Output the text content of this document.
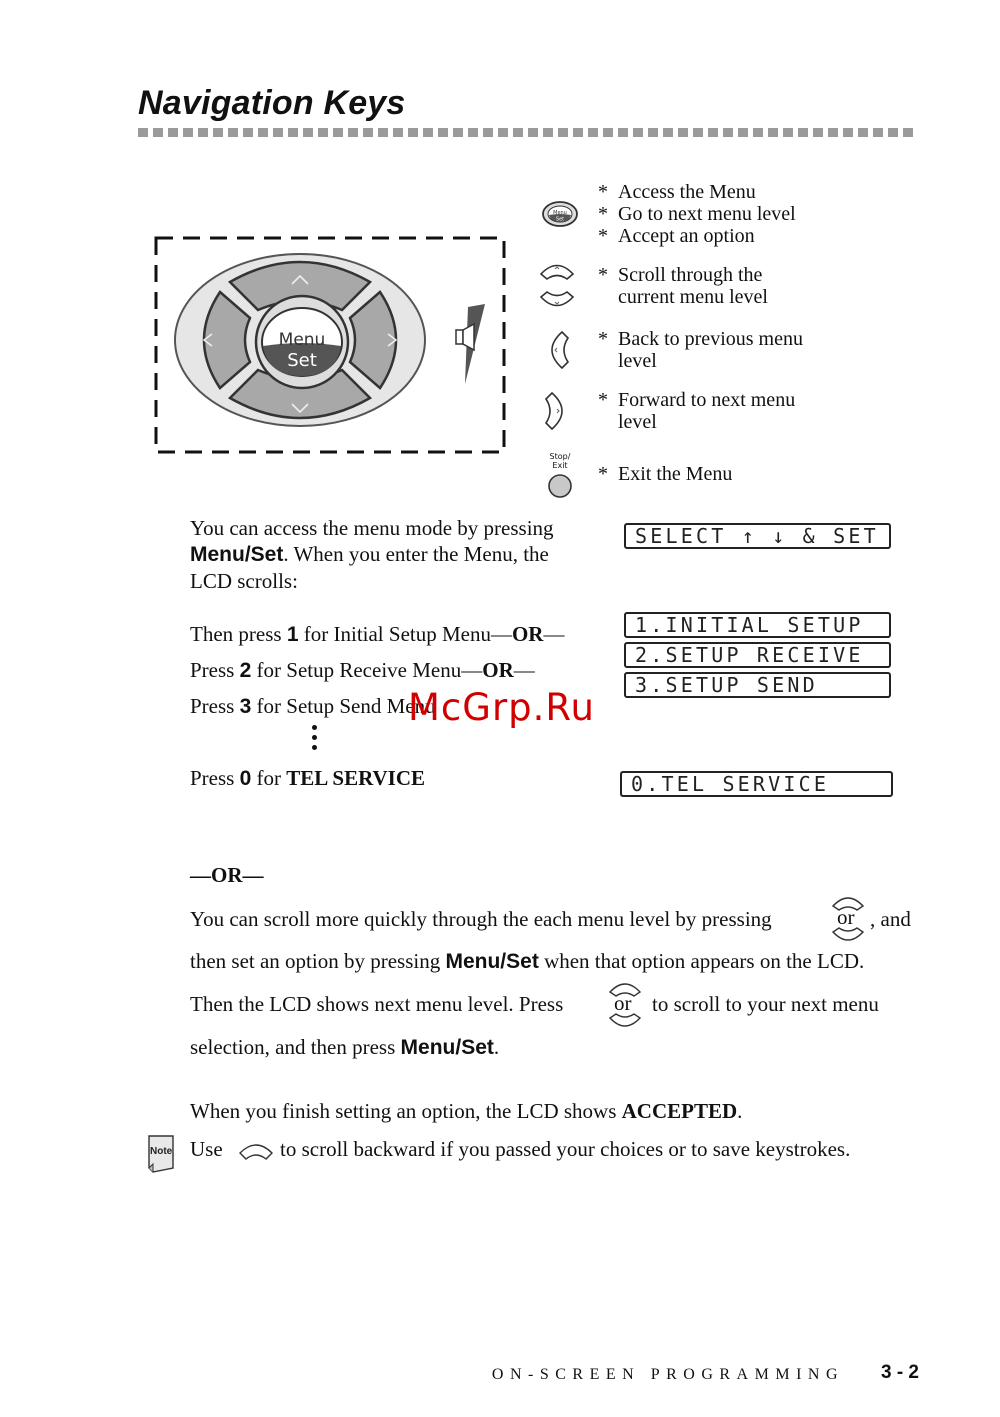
Navigation Keys
Menu
Set
Menu
Set
Stop/
Exit
* Access the Menu
* Go to next menu level
* Accept an option
* Scroll through the
current menu level
* Back to previous menu
level
* Forward to next menu
level
* Exit the Menu
You can access the menu mode by pressing
Menu/Set. When you enter the Menu, the
LCD scrolls:
SELECT ↑ ↓ & SET
1.INITIAL SETUP
2.SETUP RECEIVE
3.SETUP SEND
0.TEL SERVICE
Then press 1 for Initial Setup Menu—OR—
Press 2 for Setup Receive Menu—OR—
Press 3 for Setup Send Menu
Press 0 for TEL SERVICE
McGrp.Ru
—OR—
You can scroll more quickly through the each menu level by pressing	or , and
then set an option by pressing Menu/Set when that option appears on the LCD.
Then the LCD shows next menu level. Press or to scroll to your next menu
selection, and then press Menu/Set.
When you finish setting an option, the LCD shows ACCEPTED.
Note Use	to scroll backward if you passed your choices or to save keystrokes.
ON-SCREEN PROGRAMMING 3 - 2
